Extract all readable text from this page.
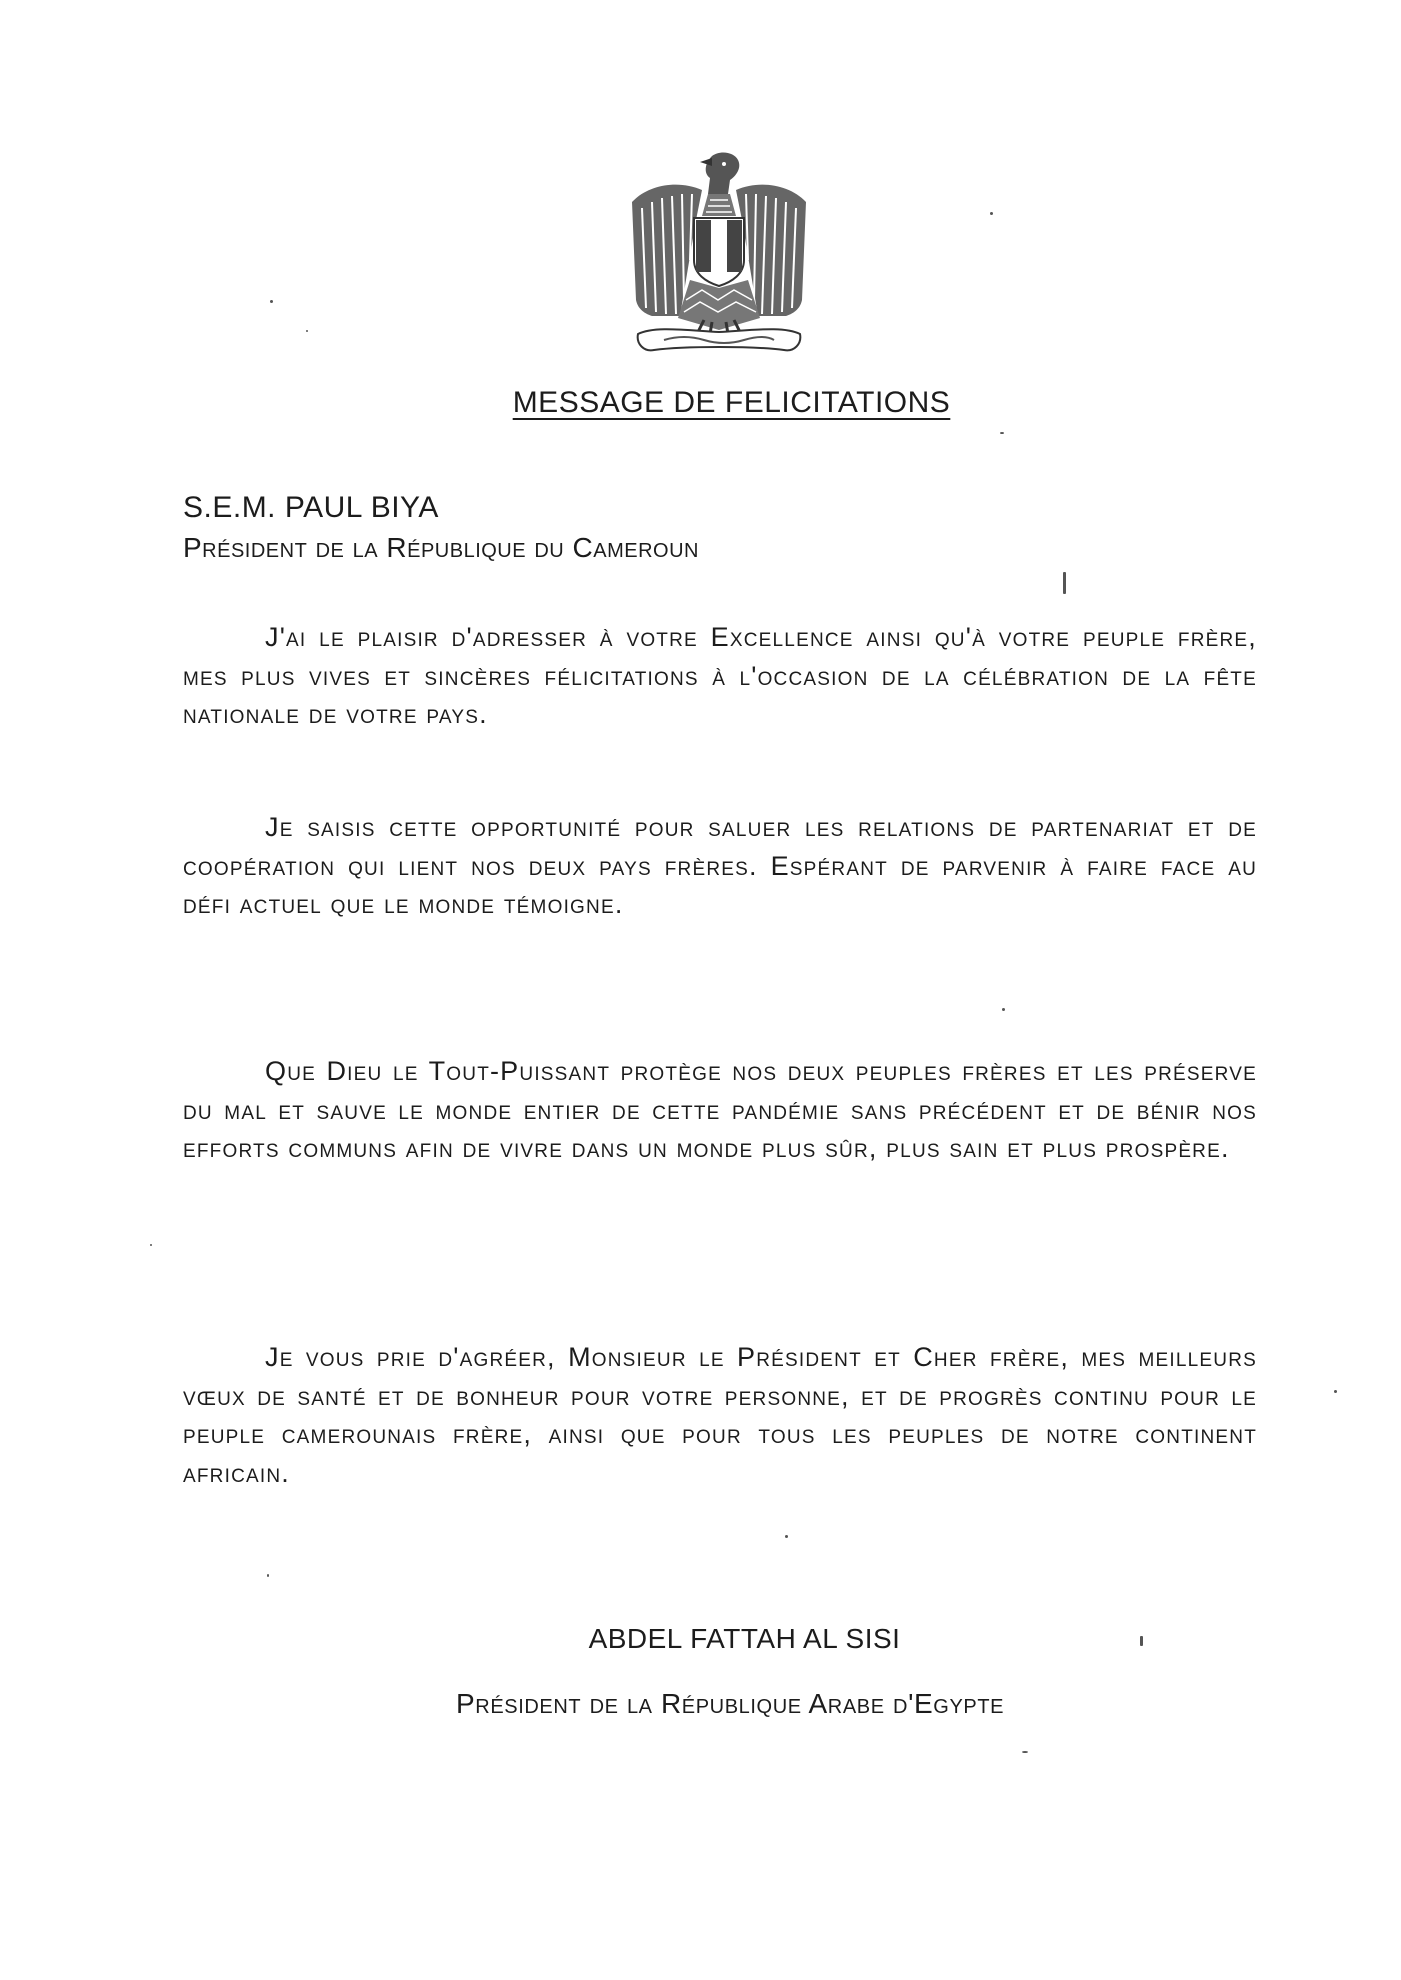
MESSAGE DE FELICITATIONS
S.E.M. PAUL BIYA
Président de la République du Cameroun
J'ai le plaisir d'adresser à votre Excellence ainsi qu'à votre peuple frère, mes plus vives et sincères félicitations à l'occasion de la célébration de la fête nationale de votre pays.
Je saisis cette opportunité pour saluer les relations de partenariat et de coopération qui lient nos deux pays frères. Espérant de parvenir à faire face au défi actuel que le monde témoigne.
Que Dieu le Tout-Puissant protège nos deux peuples frères et les préserve du mal et sauve le monde entier de cette pandémie sans précédent et de bénir nos efforts communs afin de vivre dans un monde plus sûr, plus sain et plus prospère.
Je vous prie d'agréer, Monsieur le Président et Cher frère, mes meilleurs vœux de santé et de bonheur pour votre personne, et de progrès continu pour le peuple camerounais frère, ainsi que pour tous les peuples de notre continent africain.
ABDEL FATTAH AL SISI
Président de la République Arabe d'Egypte
